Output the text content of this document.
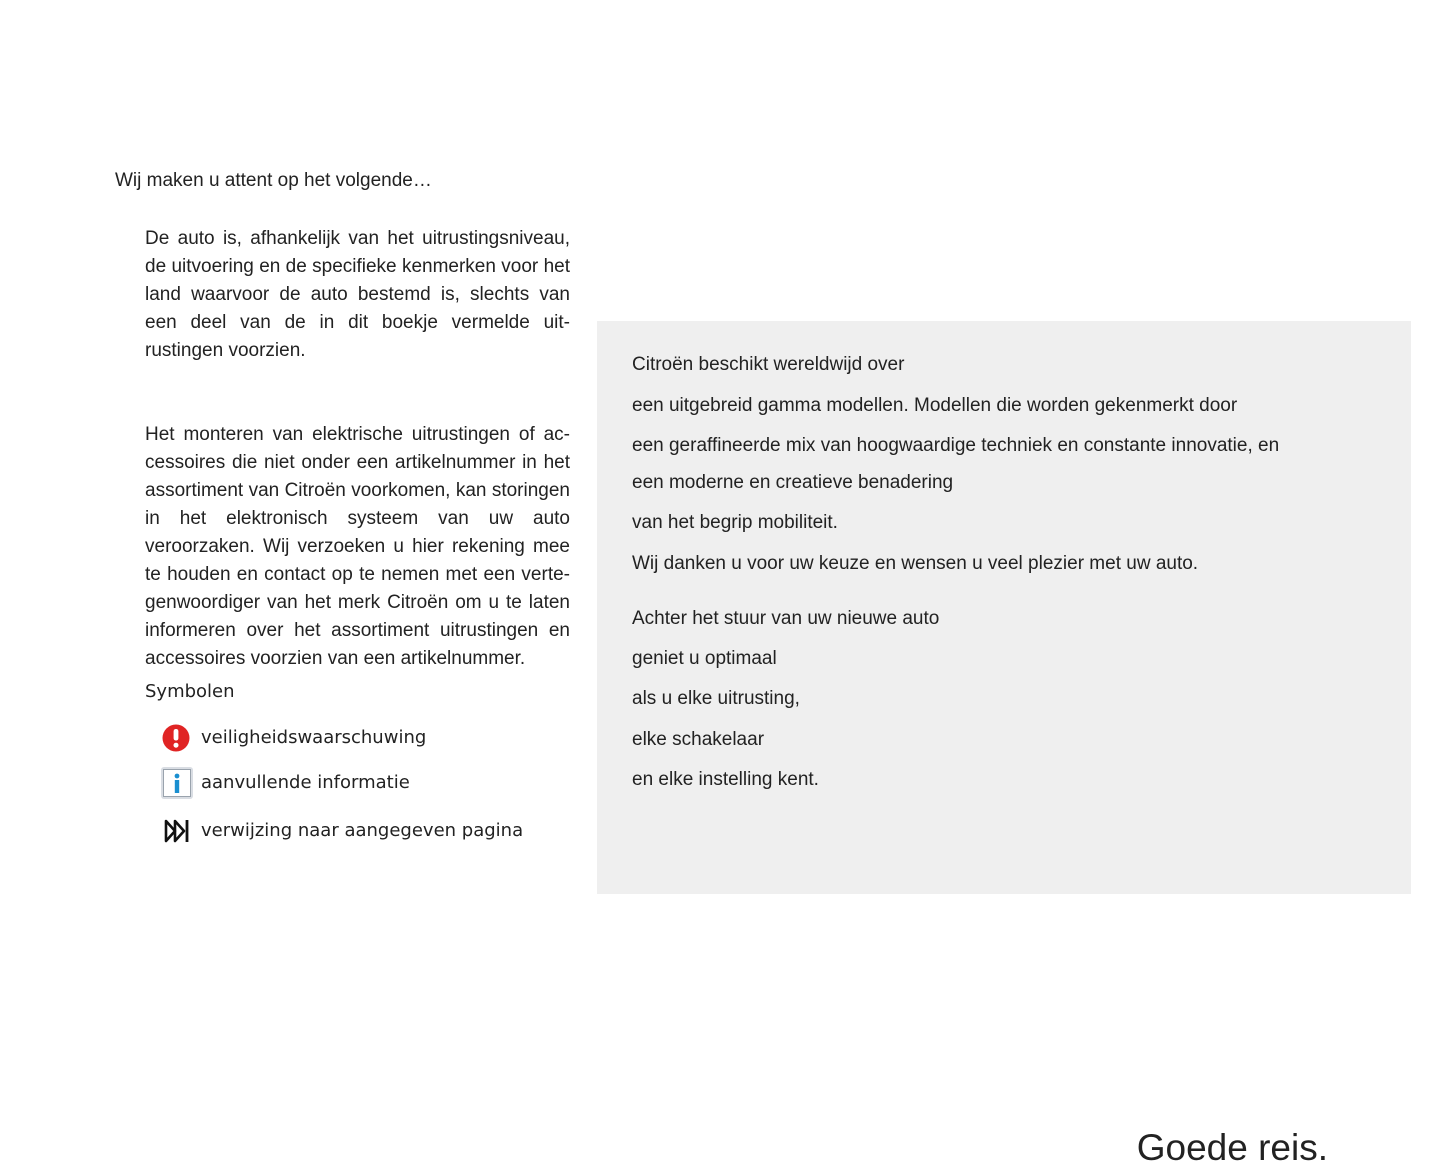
Wij maken u attent op het volgende…

De auto is, afhankelijk van het uitrustingsniveau, de uitvoering en de specifieke kenmerken voor het land waarvoor de auto bestemd is, slechts van een deel van de in dit boekje vermelde uitrustingen voorzien.

Het monteren van elektrische uitrustingen of accessoires die niet onder een artikelnummer in het assortiment van Citroën voorkomen, kan storingen in het elektronisch systeem van uw auto veroorzaken. Wij verzoeken u hier rekening mee te houden en contact op te nemen met een vertegenwoordiger van het merk Citroën om u te laten informeren over het assortiment uitrustingen en accessoires voorzien van een artikelnummer.

Symbolen

veiligheidswaarschuwing
aanvullende informatie
verwijzing naar aangegeven pagina

Citroën beschikt wereldwijd over

een uitgebreid gamma modellen. Modellen die worden gekenmerkt door

een geraffineerde mix van hoogwaardige techniek en constante innovatie, en

een moderne en creatieve benadering

van het begrip mobiliteit.

Wij danken u voor uw keuze en wensen u veel plezier met uw auto.

Achter het stuur van uw nieuwe auto

geniet u optimaal

als u elke uitrusting,

elke schakelaar

en elke instelling kent.

Goede reis.
